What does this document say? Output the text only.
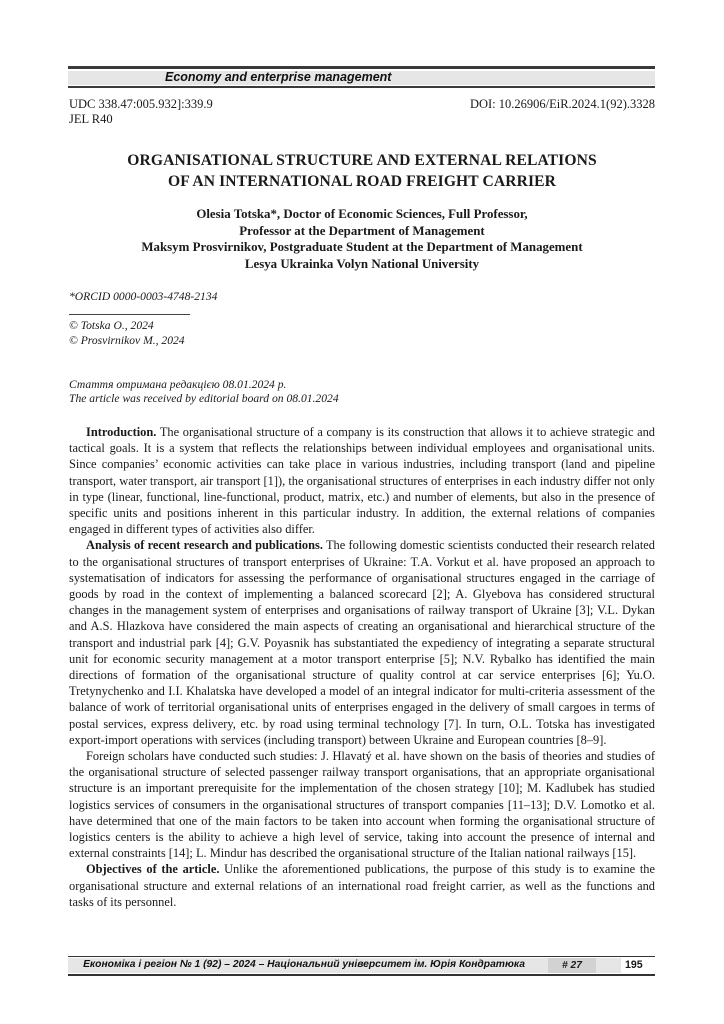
Economy and enterprise management
UDC 338.47:005.932]:339.9
JEL R40
DOI: 10.26906/EiR.2024.1(92).3328
ORGANISATIONAL STRUCTURE AND EXTERNAL RELATIONS
OF AN INTERNATIONAL ROAD FREIGHT CARRIER
Olesia Totska*, Doctor of Economic Sciences, Full Professor,
Professor at the Department of Management
Maksym Prosvirnikov, Postgraduate Student at the Department of Management
Lesya Ukrainka Volyn National University
*ORCID 0000-0003-4748-2134
© Totska O., 2024
© Prosvirnikov M., 2024
Стаття отримана редакцією 08.01.2024 р.
The article was received by editorial board on 08.01.2024

Introduction. The organisational structure of a company is its construction that allows it to achieve strategic and tactical goals. It is a system that reflects the relationships between individual employees and organisational units. Since companies’ economic activities can take place in various industries, including transport (land and pipeline transport, water transport, air transport [1]), the organisational structures of enterprises in each industry differ not only in type (linear, functional, line-functional, product, matrix, etc.) and number of elements, but also in the presence of specific units and positions inherent in this particular industry. In addition, the external relations of companies engaged in different types of activities also differ.

Analysis of recent research and publications. The following domestic scientists conducted their research related to the organisational structures of transport enterprises of Ukraine: T.A. Vorkut et al. have proposed an approach to systematisation of indicators for assessing the performance of organisational structures engaged in the carriage of goods by road in the context of implementing a balanced scorecard [2]; A. Glyebova has considered structural changes in the management system of enterprises and organisations of railway transport of Ukraine [3]; V.L. Dykan and A.S. Hlazkova have considered the main aspects of creating an organisational and hierarchical structure of the transport and industrial park [4]; G.V. Poyasnik has substantiated the expediency of integrating a separate structural unit for economic security management at a motor transport enterprise [5]; N.V. Rybalko has identified the main directions of formation of the organisational structure of quality control at car service enterprises [6]; Yu.O. Tretynychenko and I.I. Khalatska have developed a model of an integral indicator for multi-criteria assessment of the balance of work of territorial organisational units of enterprises engaged in the delivery of small cargoes in terms of postal services, express delivery, etc. by road using terminal technology [7]. In turn, O.L. Totska has investigated export-import operations with services (including transport) between Ukraine and European countries [8–9].

Foreign scholars have conducted such studies: J. Hlavatý et al. have shown on the basis of theories and studies of the organisational structure of selected passenger railway transport organisations, that an appropriate organisational structure is an important prerequisite for the implementation of the chosen strategy [10]; M. Kadlubek has studied logistics services of consumers in the organisational structures of transport companies [11–13]; D.V. Lomotko et al. have determined that one of the main factors to be taken into account when forming the organisational structure of logistics centers is the ability to achieve a high level of service, taking into account the presence of internal and external constraints [14]; L. Mindur has described the organisational structure of the Italian national railways [15].

Objectives of the article. Unlike the aforementioned publications, the purpose of this study is to examine the organisational structure and external relations of an international road freight carrier, as well as the functions and tasks of its personnel.

Економіка і регіон № 1 (92) – 2024 – Національний університет ім. Юрія Кондратюка	# 27	195
